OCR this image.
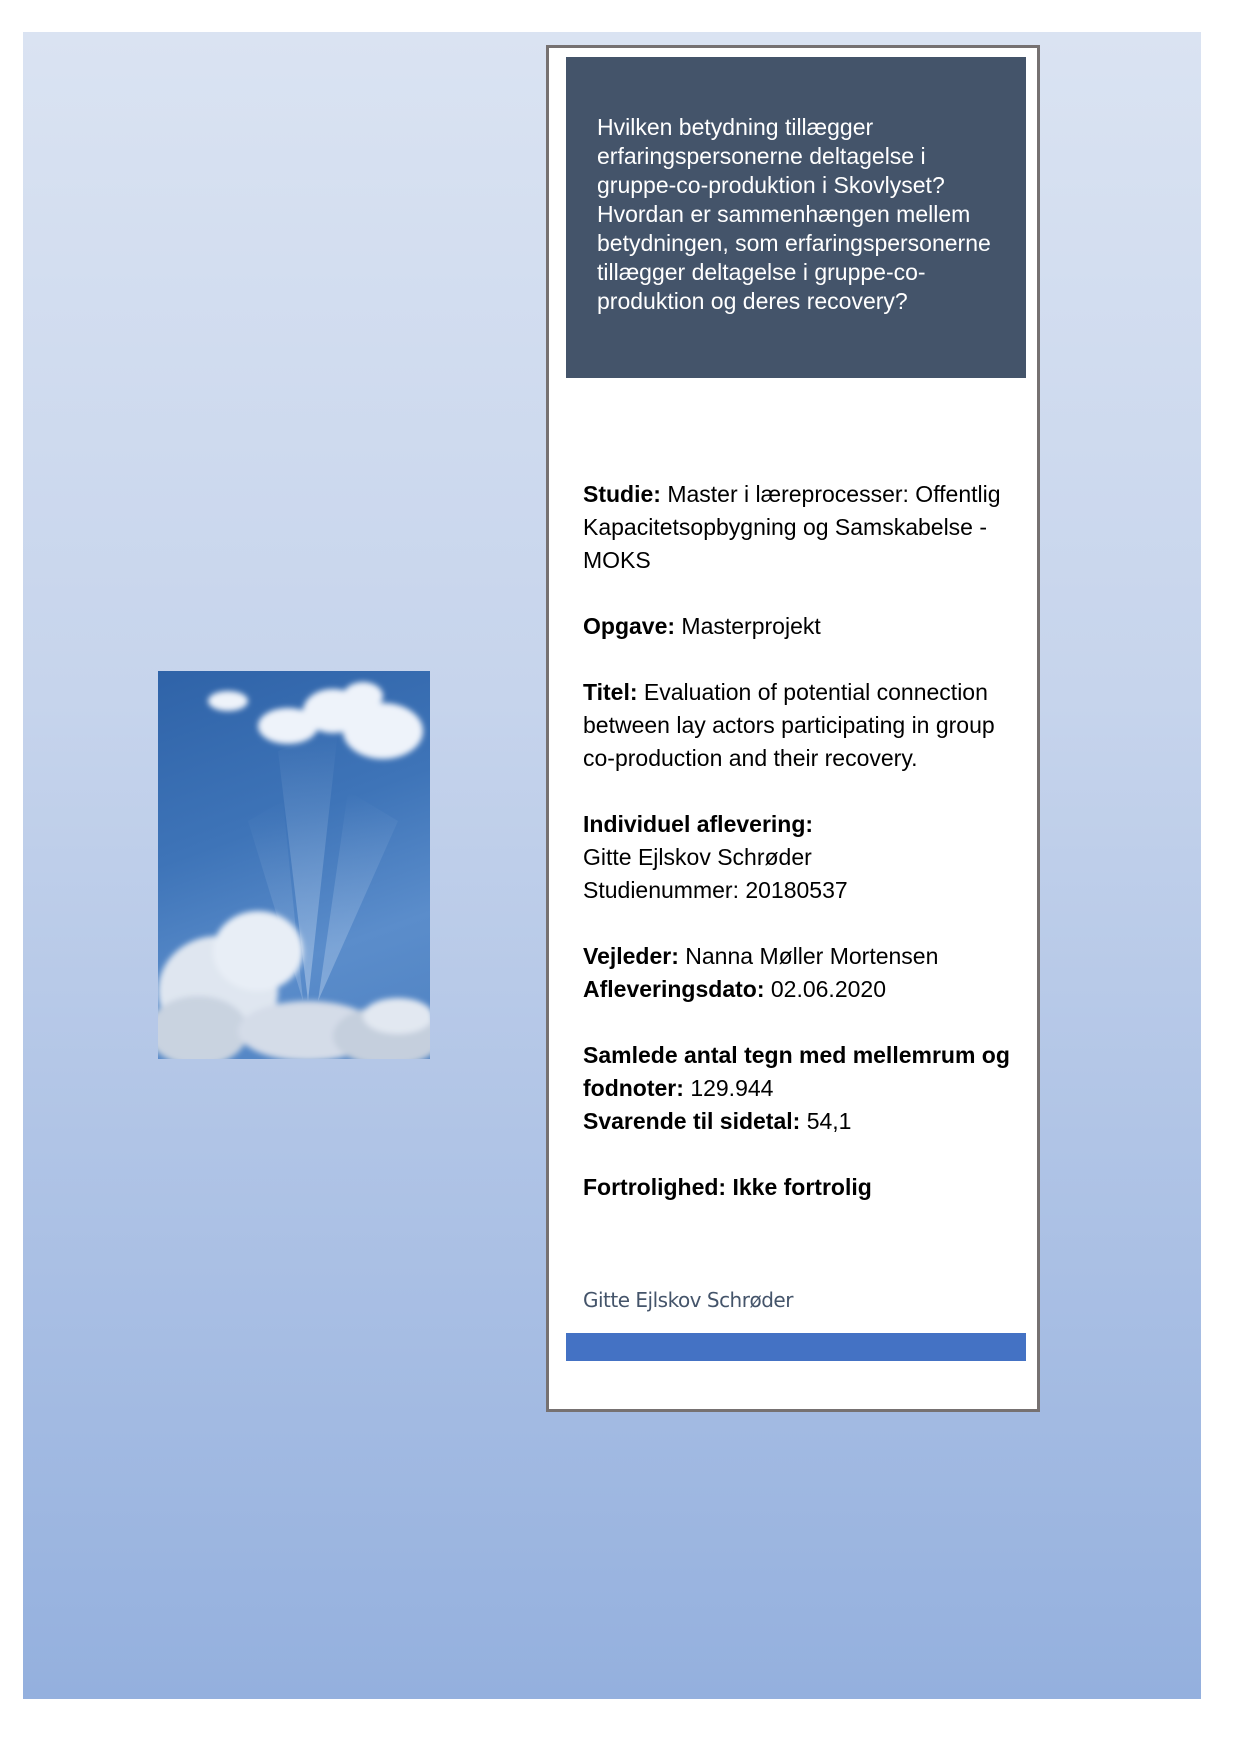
Hvilken betydning tillægger erfaringspersonerne deltagelse i gruppe-co-produktion i Skovlyset? Hvordan er sammenhængen mellem betydningen, som erfaringspersonerne tillægger deltagelse i gruppe-co-produktion og deres recovery?

Studie: Master i læreprocesser: Offentlig Kapacitetsopbygning og Samskabelse - MOKS

Opgave: Masterprojekt

Titel: Evaluation of potential connection between lay actors participating in group co-production and their recovery.

Individuel aflevering:
Gitte Ejlskov Schrøder
Studienummer: 20180537

Vejleder: Nanna Møller Mortensen
Afleveringsdato: 02.06.2020

Samlede antal tegn med mellemrum og fodnoter: 129.944
Svarende til sidetal: 54,1

Fortrolighed: Ikke fortrolig

Gitte Ejlskov Schrøder
